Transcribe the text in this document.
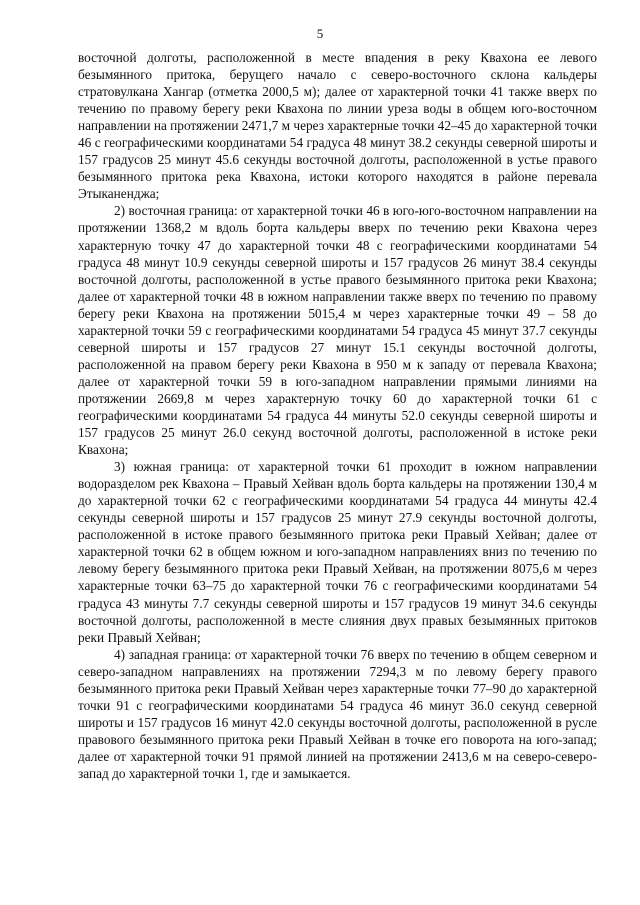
5

восточной долготы, расположенной в месте впадения в реку Квахона ее левого безымянного притока, берущего начало с северо-восточного склона кальдеры стратовулкана Хангар (отметка 2000,5 м); далее от характерной точки 41 также вверх по течению по правому берегу реки Квахона по линии уреза воды в общем юго-восточном направлении на протяжении 2471,7 м через характерные точки 42–45 до характерной точки 46 с географическими координатами 54 градуса 48 минут 38.2 секунды северной широты и 157 градусов 25 минут 45.6 секунды восточной долготы, расположенной в устье правого безымянного притока река Квахона, истоки которого находятся в районе перевала Этыканенджа;

2) восточная граница: от характерной точки 46 в юго-юго-восточном направлении на протяжении 1368,2 м вдоль борта кальдеры вверх по течению реки Квахона через характерную точку 47 до характерной точки 48 с географическими координатами 54 градуса 48 минут 10.9 секунды северной широты и 157 градусов 26 минут 38.4 секунды восточной долготы, расположенной в устье правого безымянного притока реки Квахона; далее от характерной точки 48 в южном направлении также вверх по течению по правому берегу реки Квахона на протяжении 5015,4 м через характерные точки 49 – 58 до характерной точки 59 с географическими координатами 54 градуса 45 минут 37.7 секунды северной широты и 157 градусов 27 минут 15.1 секунды восточной долготы, расположенной на правом берегу реки Квахона в 950 м к западу от перевала Квахона; далее от характерной точки 59 в юго-западном направлении прямыми линиями на протяжении 2669,8 м через характерную точку 60 до характерной точки 61 с географическими координатами 54 градуса 44 минуты 52.0 секунды северной широты и 157 градусов 25 минут 26.0 секунд восточной долготы, расположенной в истоке реки Квахона;

3) южная граница: от характерной точки 61 проходит в южном направлении водоразделом рек Квахона – Правый Хейван вдоль борта кальдеры на протяжении 130,4 м до характерной точки 62 с географическими координатами 54 градуса 44 минуты 42.4 секунды северной широты и 157 градусов 25 минут 27.9 секунды восточной долготы, расположенной в истоке правого безымянного притока реки Правый Хейван; далее от характерной точки 62 в общем южном и юго-западном направлениях вниз по течению по левому берегу безымянного притока реки Правый Хейван, на протяжении 8075,6 м через характерные точки 63–75 до характерной точки 76 с географическими координатами 54 градуса 43 минуты 7.7 секунды северной широты и 157 градусов 19 минут 34.6 секунды восточной долготы, расположенной в месте слияния двух правых безымянных притоков реки Правый Хейван;

4) западная граница: от характерной точки 76 вверх по течению в общем северном и северо-западном направлениях на протяжении 7294,3 м по левому берегу правого безымянного притока реки Правый Хейван через характерные точки 77–90 до характерной точки 91 с географическими координатами 54 градуса 46 минут 36.0 секунд северной широты и 157 градусов 16 минут 42.0 секунды восточной долготы, расположенной в русле правового безымянного притока реки Правый Хейван в точке его поворота на юго-запад; далее от характерной точки 91 прямой линией на протяжении 2413,6 м на северо-северо-запад до характерной точки 1, где и замыкается.
